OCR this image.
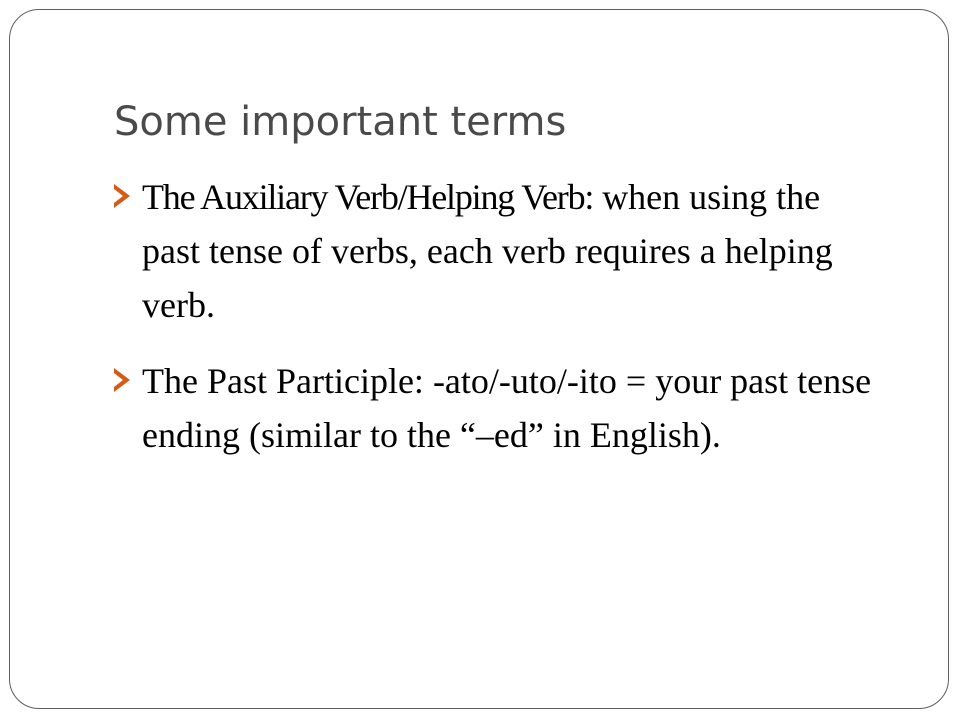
Some important terms
The Auxiliary Verb/Helping Verb: when using the past tense of verbs, each verb requires a helping verb.
The Past Participle: -ato/-uto/-ito = your past tense ending (similar to the “–ed” in English).
